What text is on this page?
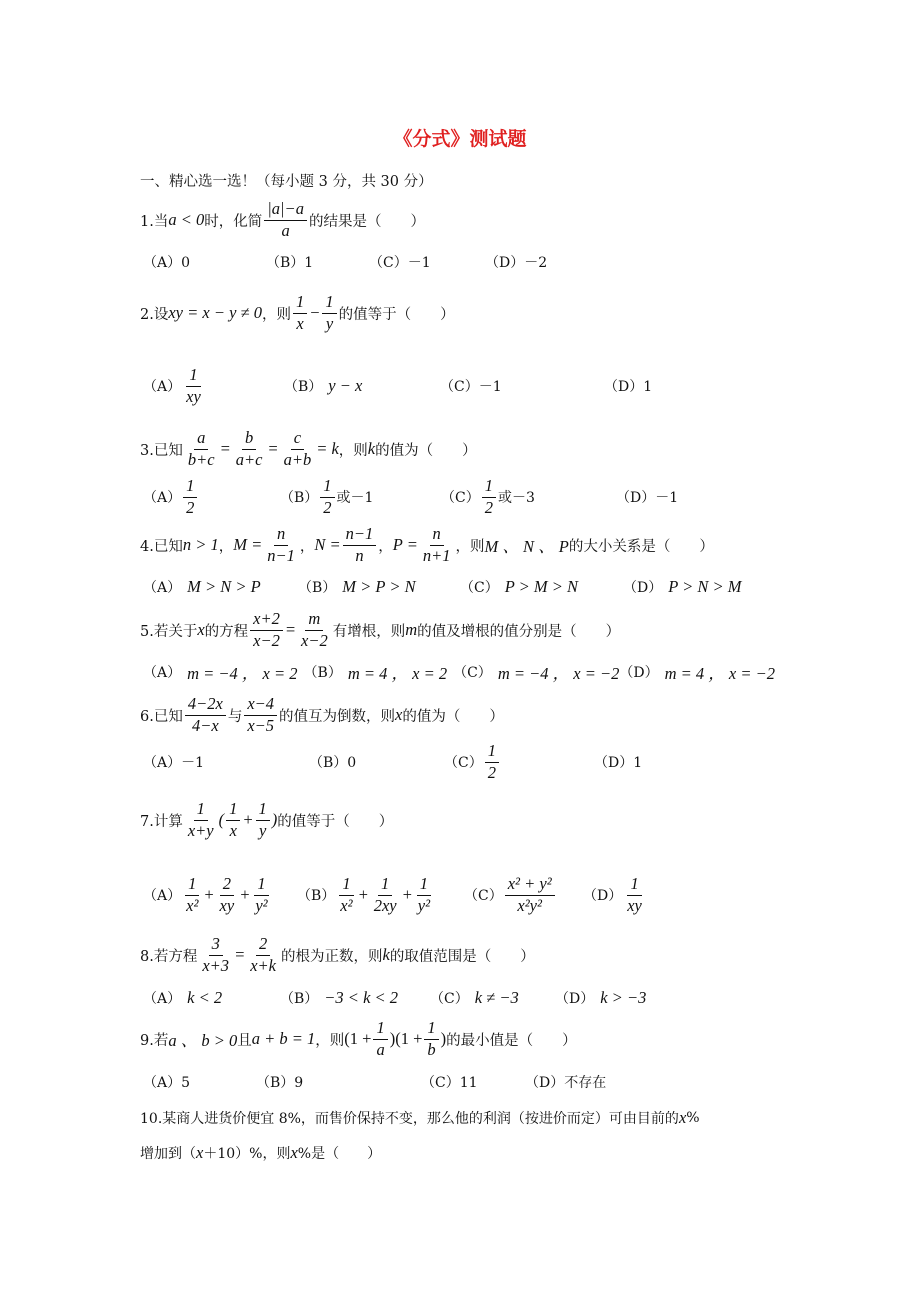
《分式》测试题
一、精心选一选！（每小题 3 分，共 30 分）
1.当 a < 0 时，化简 $\frac{|a|-a}{a}$ 的结果是（　　）
（A）0	（B）1	（C）－1	（D）－2
2.设 xy = x − y ≠ 0 ，则 $\frac{1}{x} - \frac{1}{y}$ 的值等于（　　）
$(A) \frac{1}{xy}$	（B） y − x	（C）－1	（D）1
3.已知 $\frac{a}{b+c} = \frac{b}{a+c} = \frac{c}{a+b} = k$ ，则 k 的值为（　　）
$(A) \frac{1}{2}$	$(B) \frac{1}{2}$ 或－1	$(C) \frac{1}{2}$ 或－3	（D）－1
4.已知 n > 1 ， $M = \frac{n}{n-1}$ ， $N = \frac{n-1}{n}$ ， $P = \frac{n}{n+1}$ ，则 M 、 N 、 P 的大小关系是（　　）
（A） M > N > P	（B） M > P > N	（C） P > M > N	（D） P > N > M
5.若关于 x 的方程 $\frac{x+2}{x-2} = \frac{m}{x-2}$ 有增根，则 m 的值及增根的值分别是（　　）
（A） m = −4 ， x = 2 （B） m = 4 ， x = 2 （C） m = −4 ， x = −2 （D） m = 4 ， x = −2
6.已知 $\frac{4-2x}{4-x}$ 与 $\frac{x-4}{x-5}$ 的值互为倒数，则 x 的值为（　　）
（A）－1	（B）0	$(C) \frac{1}{2}$	（D）1
7.计算 $\frac{1}{x+y}$ ( $\frac{1}{x} + \frac{1}{y}$ ) 的值等于（　　）
$(A) \frac{1}{\text{x²}} + \frac{2}{xy} + \frac{1}{\text{y²}} (B) \frac{1}{\text{x²}} + \frac{1}{2xy} + \frac{1}{\text{y²}} (C) \frac{\text{x² + y²}}{\text{x²y²}} (D) \frac{1}{xy}$
8.若方程 $\frac{3}{x+3} = \frac{2}{x+k}$ 的根为正数，则 k 的取值范围是（　　）
（A） k < 2	（B） −3 < k < 2 （C） k ≠ −3	（D） k > −3
9.若 a 、 b > 0 且 a + b = 1 ，则 $(1 + \frac{1}{a} )(1 + \frac{1}{b}$ ) 的最小值是（　　）
（A）5	（B）9	（C）11	（D）不存在
10.某商人进货价便宜 8%，而售价保持不变，那么他的利润（按进价而定）可由目前的 x %
增加到（ x ＋10）%，则 x %是（　　）
